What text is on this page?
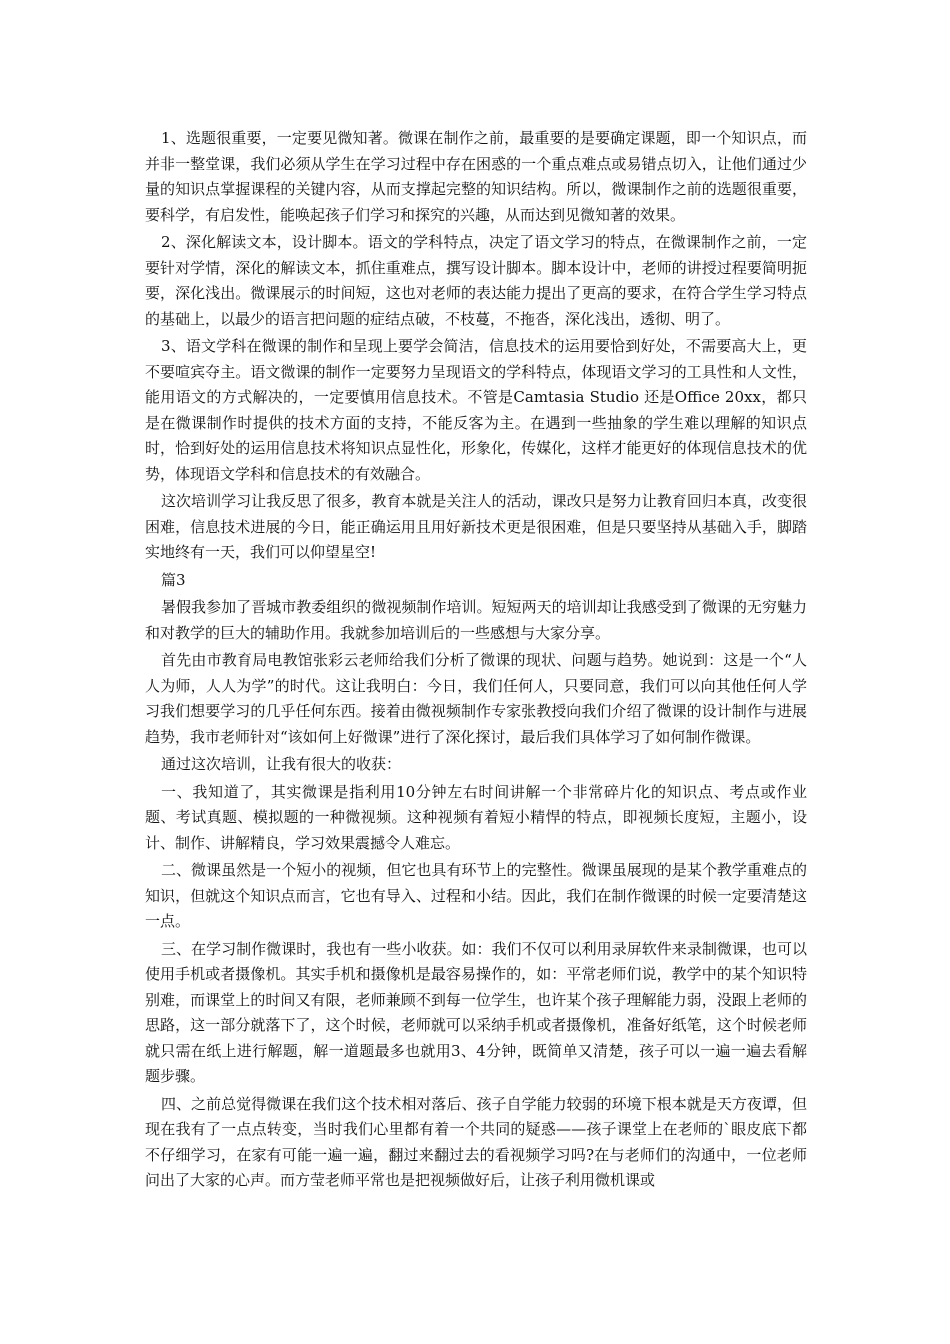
1、选题很重要，一定要见微知著。微课在制作之前，最重要的是要确定课题，即一个知识点，而并非一整堂课，我们必须从学生在学习过程中存在困惑的一个重点难点或易错点切入，让他们通过少量的知识点掌握课程的关键内容，从而支撑起完整的知识结构。所以，微课制作之前的选题很重要，要科学，有启发性，能唤起孩子们学习和探究的兴趣，从而达到见微知著的效果。

2、深化解读文本，设计脚本。语文的学科特点，决定了语文学习的特点，在微课制作之前，一定要针对学情，深化的解读文本，抓住重难点，撰写设计脚本。脚本设计中，老师的讲授过程要简明扼要，深化浅出。微课展示的时间短，这也对老师的表达能力提出了更高的要求，在符合学生学习特点的基础上，以最少的语言把问题的症结点破，不枝蔓，不拖沓，深化浅出，透彻、明了。

3、语文学科在微课的制作和呈现上要学会简洁，信息技术的运用要恰到好处，不需要高大上，更不要喧宾夺主。语文微课的制作一定要努力呈现语文的学科特点，体现语文学习的工具性和人文性，能用语文的方式解决的，一定要慎用信息技术。不管是Camtasia Studio 还是Office 20xx，都只是在微课制作时提供的技术方面的支持，不能反客为主。在遇到一些抽象的学生难以理解的知识点时，恰到好处的运用信息技术将知识点显性化，形象化，传媒化，这样才能更好的体现信息技术的优势，体现语文学科和信息技术的有效融合。

这次培训学习让我反思了很多，教育本就是关注人的活动，课改只是努力让教育回归本真，改变很困难，信息技术进展的今日，能正确运用且用好新技术更是很困难，但是只要坚持从基础入手，脚踏实地终有一天，我们可以仰望星空!

篇3

暑假我参加了晋城市教委组织的微视频制作培训。短短两天的培训却让我感受到了微课的无穷魅力和对教学的巨大的辅助作用。我就参加培训后的一些感想与大家分享。

首先由市教育局电教馆张彩云老师给我们分析了微课的现状、问题与趋势。她说到：这是一个“人人为师，人人为学”的时代。这让我明白：今日，我们任何人，只要同意，我们可以向其他任何人学习我们想要学习的几乎任何东西。接着由微视频制作专家张教授向我们介绍了微课的设计制作与进展趋势，我市老师针对“该如何上好微课”进行了深化探讨，最后我们具体学习了如何制作微课。

通过这次培训，让我有很大的收获：

一、我知道了，其实微课是指利用10分钟左右时间讲解一个非常碎片化的知识点、考点或作业题、考试真题、模拟题的一种微视频。这种视频有着短小精悍的特点，即视频长度短，主题小，设计、制作、讲解精良，学习效果震撼令人难忘。

二、微课虽然是一个短小的视频，但它也具有环节上的完整性。微课虽展现的是某个教学重难点的知识，但就这个知识点而言，它也有导入、过程和小结。因此，我们在制作微课的时候一定要清楚这一点。

三、在学习制作微课时，我也有一些小收获。如：我们不仅可以利用录屏软件来录制微课，也可以使用手机或者摄像机。其实手机和摄像机是最容易操作的，如：平常老师们说，教学中的某个知识特别难，而课堂上的时间又有限，老师兼顾不到每一位学生，也许某个孩子理解能力弱，没跟上老师的思路，这一部分就落下了，这个时候，老师就可以采纳手机或者摄像机，准备好纸笔，这个时候老师就只需在纸上进行解题，解一道题最多也就用3、4分钟，既简单又清楚，孩子可以一遍一遍去看解题步骤。

四、之前总觉得微课在我们这个技术相对落后、孩子自学能力较弱的环境下根本就是天方夜谭，但现在我有了一点点转变，当时我们心里都有着一个共同的疑惑——孩子课堂上在老师的`眼皮底下都不仔细学习，在家有可能一遍一遍，翻过来翻过去的看视频学习吗?在与老师们的沟通中，一位老师问出了大家的心声。而方莹老师平常也是把视频做好后，让孩子利用微机课或
